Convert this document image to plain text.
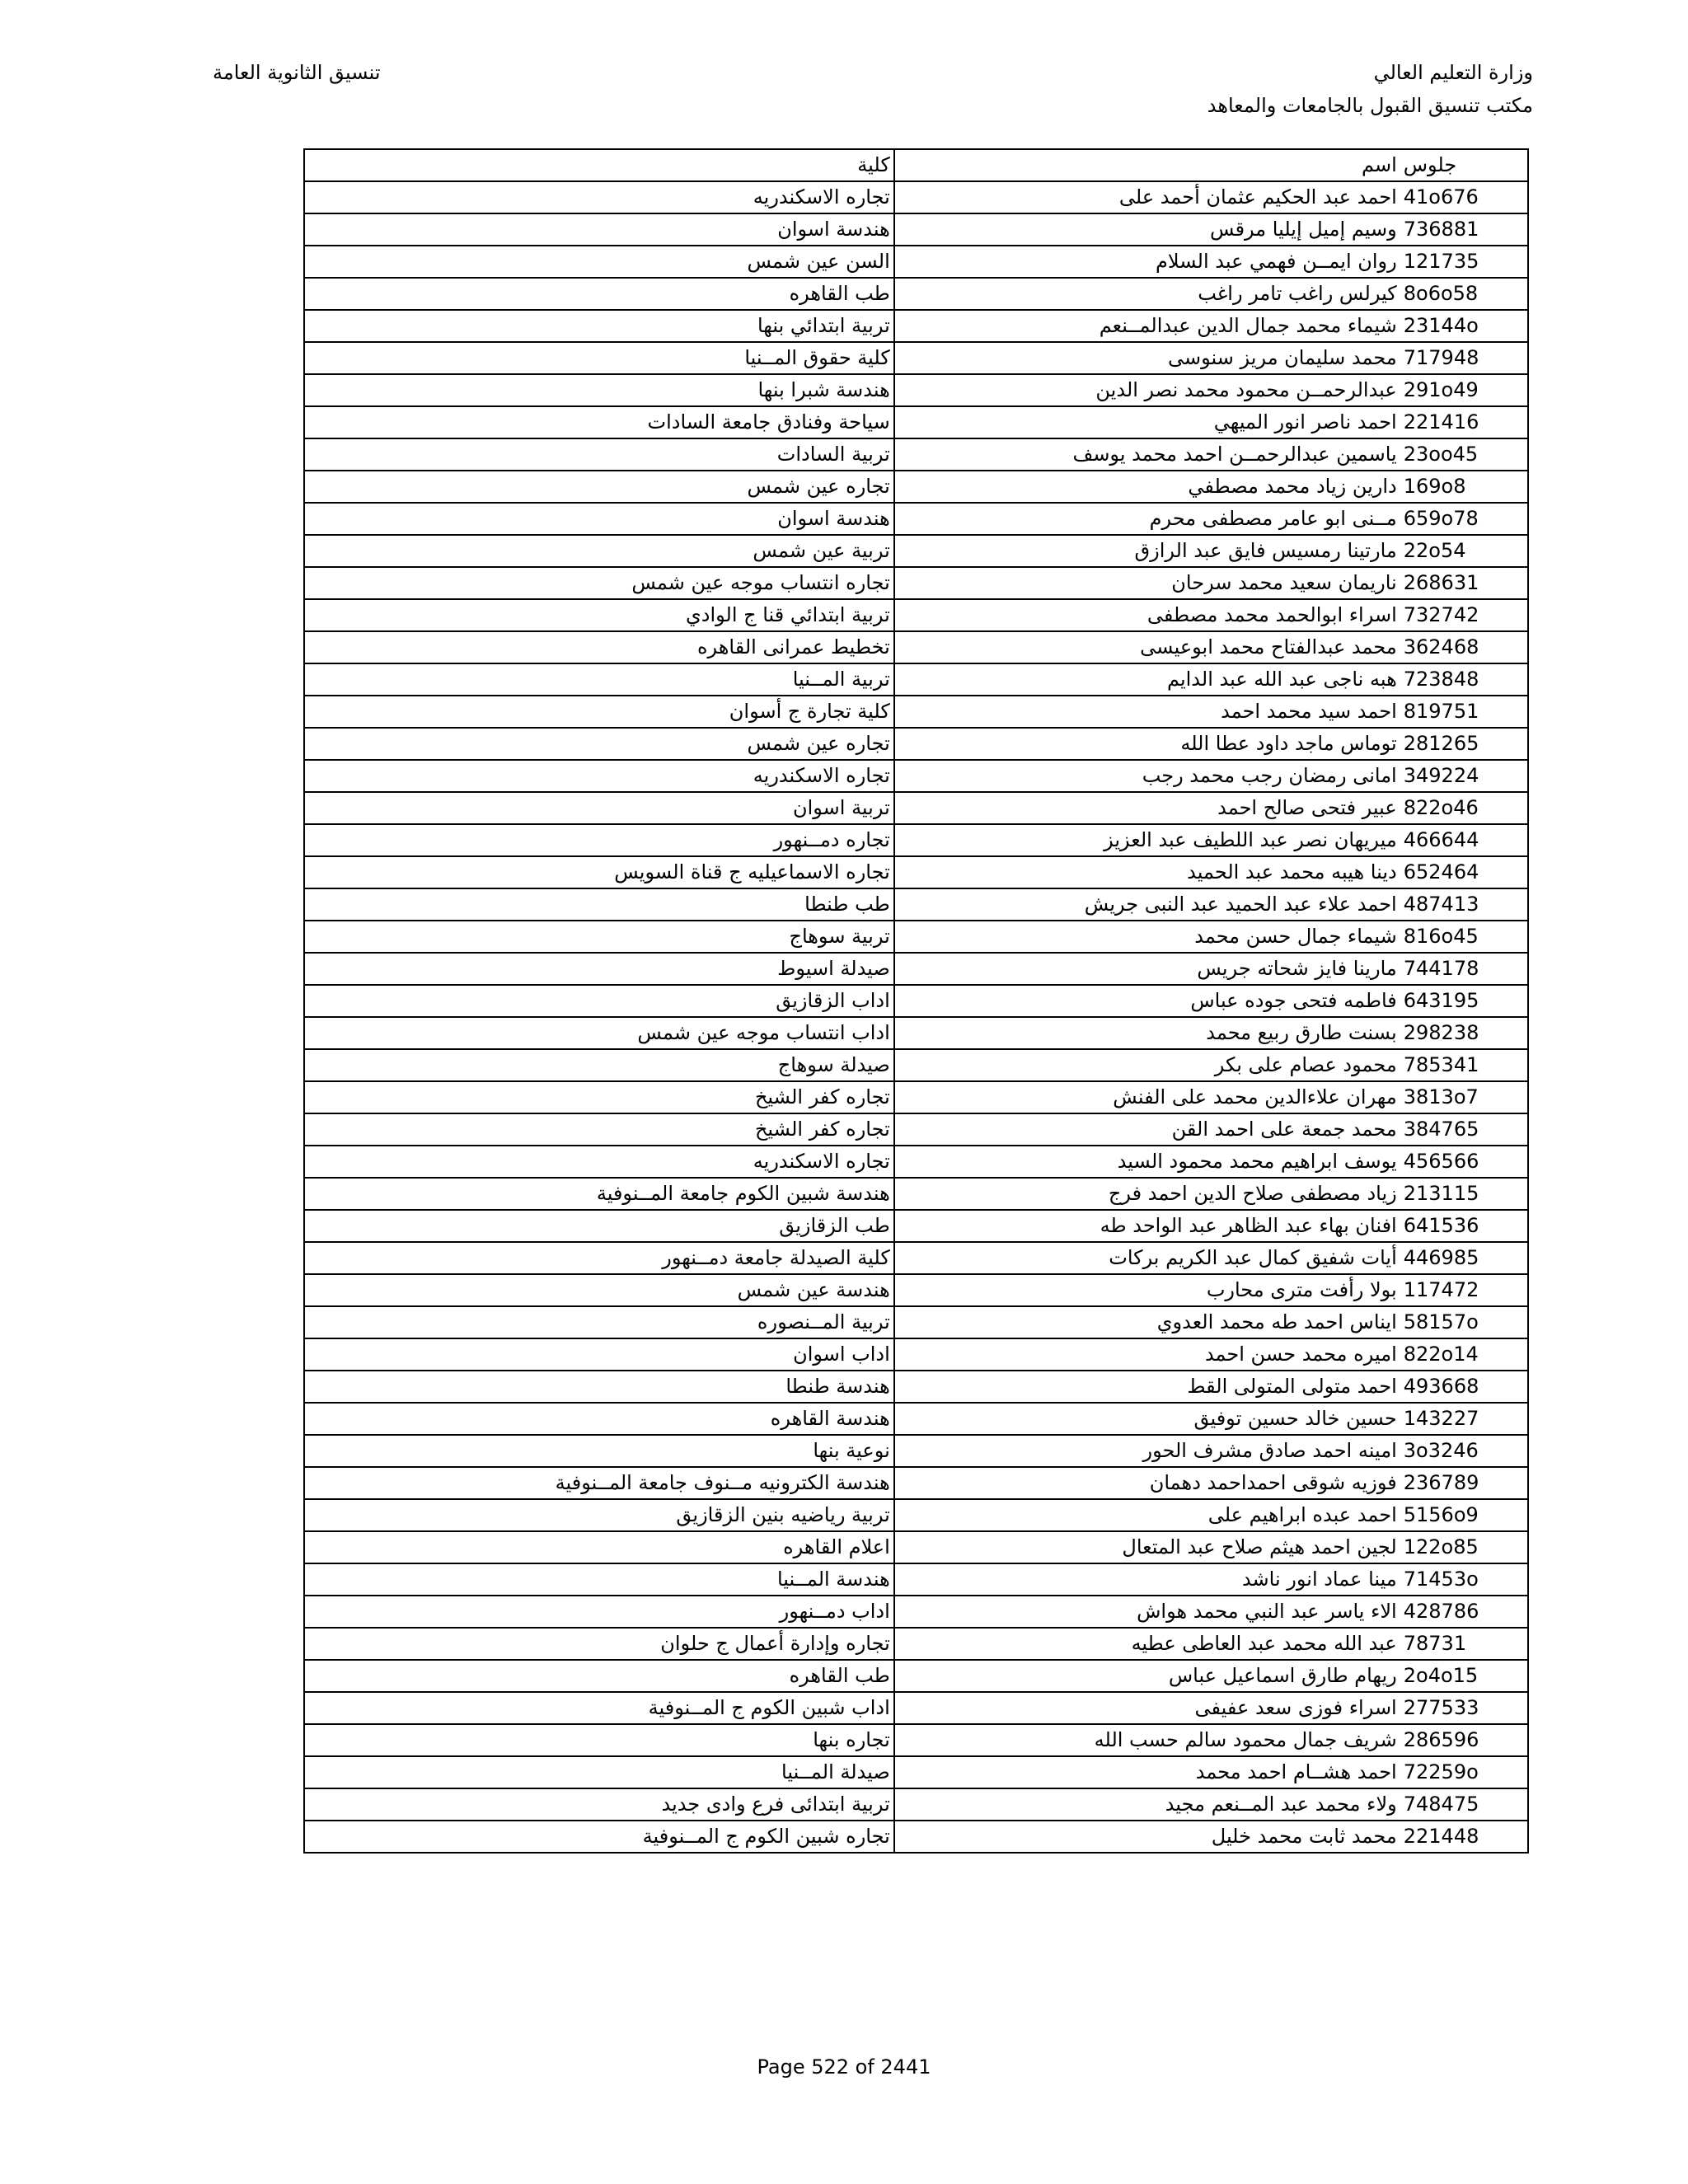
وزارة التعليم العالي
مكتب تنسيق القبول بالجامعات والمعاهد
تنسيق الثانوية العامة
كلية	اسم	جلوس
تجاره الاسكندريه	احمد عبد الحكيم عثمان أحمد على	41o676
هندسة اسوان	وسيم إميل إيليا مرقس	736881
السن عين شمس	روان ايمــن فهمي عبد السلام	121735
طب القاهره	كيرلس راغب تامر راغب	8o6o58
تربية ابتدائي بنها	شيماء محمد جمال الدين عبدالمــنعم	23144o
كلية حقوق المــنيا	محمد سليمان مريز سنوسى	717948
هندسة شبرا بنها	عبدالرحمــن محمود محمد نصر الدين	291o49
سياحة وفنادق جامعة السادات	احمد ناصر انور الميهي	221416
تربية السادات	ياسمين عبدالرحمــن احمد محمد يوسف	23oo45
تجاره عين شمس	دارين زياد محمد مصطفي	169o8
هندسة اسوان	مــنى ابو عامر مصطفى محرم	659o78
تربية عين شمس	مارتينا رمسيس فايق عبد الرازق	22o54
تجاره انتساب موجه عين شمس	ناريمان سعيد محمد سرحان	268631
تربية ابتدائي قنا ج الوادي	اسراء ابوالحمد محمد مصطفى	732742
تخطيط عمرانى القاهره	محمد عبدالفتاح محمد ابوعيسى	362468
تربية المــنيا	هبه ناجى عبد الله عبد الدايم	723848
كلية تجارة ج أسوان	احمد سيد محمد احمد	819751
تجاره عين شمس	توماس ماجد داود عطا الله	281265
تجاره الاسكندريه	امانى رمضان رجب محمد رجب	349224
تربية اسوان	عبير فتحى صالح احمد	822o46
تجاره دمــنهور	ميريهان نصر عبد اللطيف عبد العزيز	466644
تجاره الاسماعيليه ج قناة السويس	دينا هيبه محمد عبد الحميد	652464
طب طنطا	احمد علاء عبد الحميد عبد النبى جريش	487413
تربية سوهاج	شيماء جمال حسن محمد	816o45
صيدلة اسيوط	مارينا فايز شحاته جريس	744178
اداب الزقازيق	فاطمه فتحى جوده عباس	643195
اداب انتساب موجه عين شمس	بسنت طارق ربيع محمد	298238
صيدلة سوهاج	محمود عصام على بكر	785341
تجاره كفر الشيخ	مهران علاءالدين محمد على الفنش	3813o7
تجاره كفر الشيخ	محمد جمعة على احمد القن	384765
تجاره الاسكندريه	يوسف ابراهيم محمد محمود السيد	456566
هندسة شبين الكوم جامعة المــنوفية	زياد مصطفى صلاح الدين احمد فرج	213115
طب الزقازيق	افنان بهاء عبد الظاهر عبد الواحد طه	641536
كلية الصيدلة جامعة دمــنهور	أيات شفيق كمال عبد الكريم بركات	446985
هندسة عين شمس	بولا رأفت مترى محارب	117472
تربية المــنصوره	ايناس احمد طه محمد العدوي	58157o
اداب اسوان	اميره محمد حسن احمد	822o14
هندسة طنطا	احمد متولى المتولى القط	493668
هندسة القاهره	حسين خالد حسين توفيق	143227
نوعية بنها	امينه احمد صادق مشرف الحور	3o3246
هندسة الكترونيه مــنوف جامعة المــنوفية	فوزيه شوقى احمداحمد دهمان	236789
تربية رياضيه بنين الزقازيق	احمد عبده ابراهيم على	5156o9
اعلام القاهره	لجين احمد هيثم صلاح عبد المتعال	122o85
هندسة المــنيا	مينا عماد انور ناشد	71453o
اداب دمــنهور	الاء ياسر عبد النبي محمد هواش	428786
تجاره وإدارة أعمال ج حلوان	عبد الله محمد عبد العاطى عطيه	78731
طب القاهره	ريهام طارق اسماعيل عباس	2o4o15
اداب شبين الكوم ج المــنوفية	اسراء فوزى سعد عفيفى	277533
تجاره بنها	شريف جمال محمود سالم حسب الله	286596
صيدلة المــنيا	احمد هشــام احمد محمد	72259o
تربية ابتدائى فرع وادى جديد	ولاء محمد عبد المــنعم مجيد	748475
تجاره شبين الكوم ج المــنوفية	محمد ثابت محمد خليل	221448
Page 522 of 2441
